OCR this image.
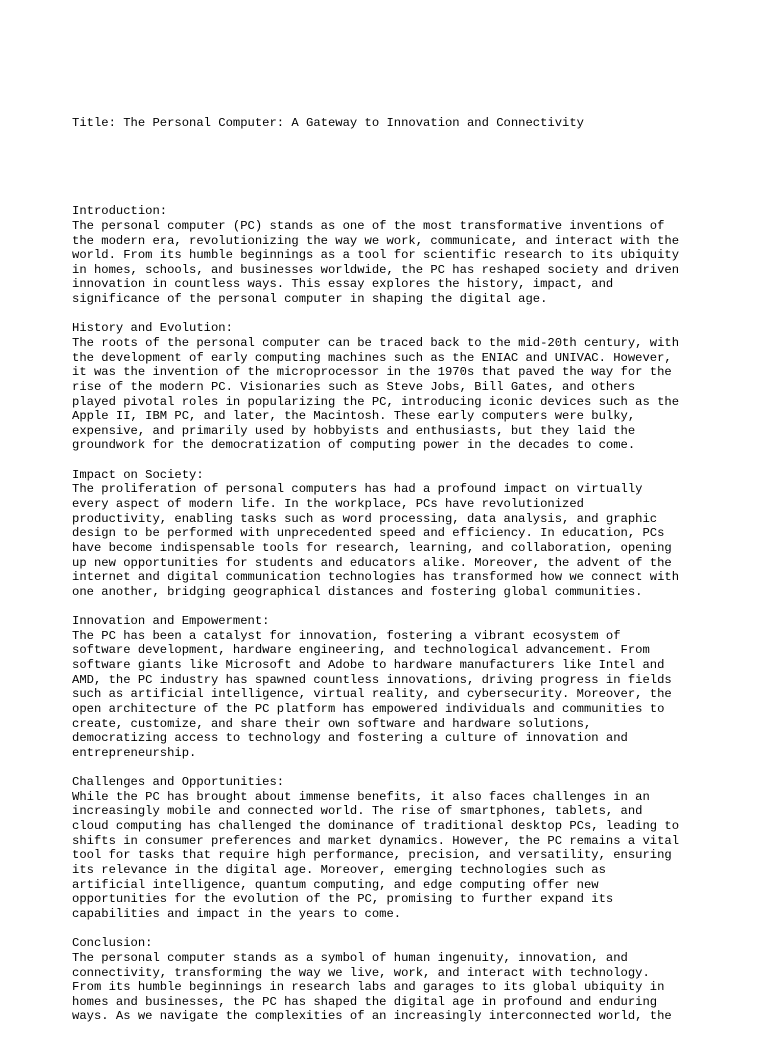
Title: The Personal Computer: A Gateway to Innovation and Connectivity

Introduction:
The personal computer (PC) stands as one of the most transformative inventions of
the modern era, revolutionizing the way we work, communicate, and interact with the
world. From its humble beginnings as a tool for scientific research to its ubiquity
in homes, schools, and businesses worldwide, the PC has reshaped society and driven
innovation in countless ways. This essay explores the history, impact, and
significance of the personal computer in shaping the digital age.

History and Evolution:
The roots of the personal computer can be traced back to the mid-20th century, with
the development of early computing machines such as the ENIAC and UNIVAC. However,
it was the invention of the microprocessor in the 1970s that paved the way for the
rise of the modern PC. Visionaries such as Steve Jobs, Bill Gates, and others
played pivotal roles in popularizing the PC, introducing iconic devices such as the
Apple II, IBM PC, and later, the Macintosh. These early computers were bulky,
expensive, and primarily used by hobbyists and enthusiasts, but they laid the
groundwork for the democratization of computing power in the decades to come.

Impact on Society:
The proliferation of personal computers has had a profound impact on virtually
every aspect of modern life. In the workplace, PCs have revolutionized
productivity, enabling tasks such as word processing, data analysis, and graphic
design to be performed with unprecedented speed and efficiency. In education, PCs
have become indispensable tools for research, learning, and collaboration, opening
up new opportunities for students and educators alike. Moreover, the advent of the
internet and digital communication technologies has transformed how we connect with
one another, bridging geographical distances and fostering global communities.

Innovation and Empowerment:
The PC has been a catalyst for innovation, fostering a vibrant ecosystem of
software development, hardware engineering, and technological advancement. From
software giants like Microsoft and Adobe to hardware manufacturers like Intel and
AMD, the PC industry has spawned countless innovations, driving progress in fields
such as artificial intelligence, virtual reality, and cybersecurity. Moreover, the
open architecture of the PC platform has empowered individuals and communities to
create, customize, and share their own software and hardware solutions,
democratizing access to technology and fostering a culture of innovation and
entrepreneurship.

Challenges and Opportunities:
While the PC has brought about immense benefits, it also faces challenges in an
increasingly mobile and connected world. The rise of smartphones, tablets, and
cloud computing has challenged the dominance of traditional desktop PCs, leading to
shifts in consumer preferences and market dynamics. However, the PC remains a vital
tool for tasks that require high performance, precision, and versatility, ensuring
its relevance in the digital age. Moreover, emerging technologies such as
artificial intelligence, quantum computing, and edge computing offer new
opportunities for the evolution of the PC, promising to further expand its
capabilities and impact in the years to come.

Conclusion:
The personal computer stands as a symbol of human ingenuity, innovation, and
connectivity, transforming the way we live, work, and interact with technology.
From its humble beginnings in research labs and garages to its global ubiquity in
homes and businesses, the PC has shaped the digital age in profound and enduring
ways. As we navigate the complexities of an increasingly interconnected world, the
